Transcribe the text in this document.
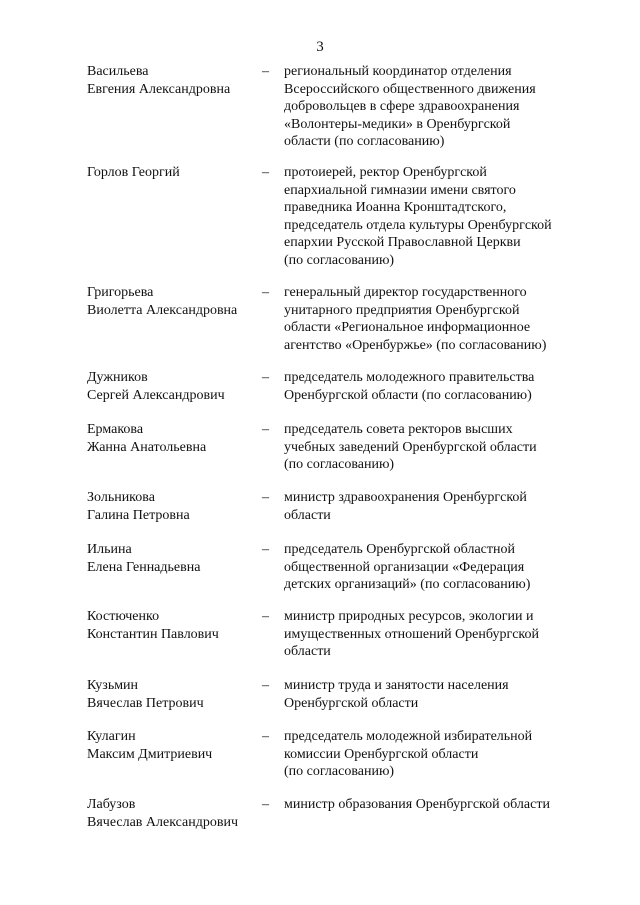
3
Васильева
Евгения Александровна
– региональный координатор отделения
Всероссийского общественного движения
добровольцев в сфере здравоохранения
«Волонтеры-медики» в Оренбургской
области (по согласованию)
Горлов Георгий	– протоиерей, ректор Оренбургской
епархиальной гимназии имени святого
праведника Иоанна Кронштадтского,
председатель отдела культуры Оренбургской
епархии Русской Православной Церкви
(по согласованию)
Григорьева
Виолетта Александровна
– генеральный директор государственного
унитарного предприятия Оренбургской
области «Региональное информационное
агентство «Оренбуржье» (по согласованию)
Дужников
Сергей Александрович
– председатель молодежного правительства
Оренбургской области (по согласованию)
Ермакова
Жанна Анатольевна
– председатель совета ректоров высших
учебных заведений Оренбургской области
(по согласованию)
Зольникова
Галина Петровна
– министр здравоохранения Оренбургской
области
Ильина
Елена Геннадьевна
– председатель Оренбургской областной
общественной организации «Федерация
детских организаций» (по согласованию)
Костюченко
Константин Павлович
– министр природных ресурсов, экологии и
имущественных отношений Оренбургской
области
Кузьмин
Вячеслав Петрович
– министр труда и занятости населения
Оренбургской области
Кулагин
Максим Дмитриевич
– председатель молодежной избирательной
комиссии Оренбургской области
(по согласованию)
Лабузов
Вячеслав Александрович
– министр образования Оренбургской области
